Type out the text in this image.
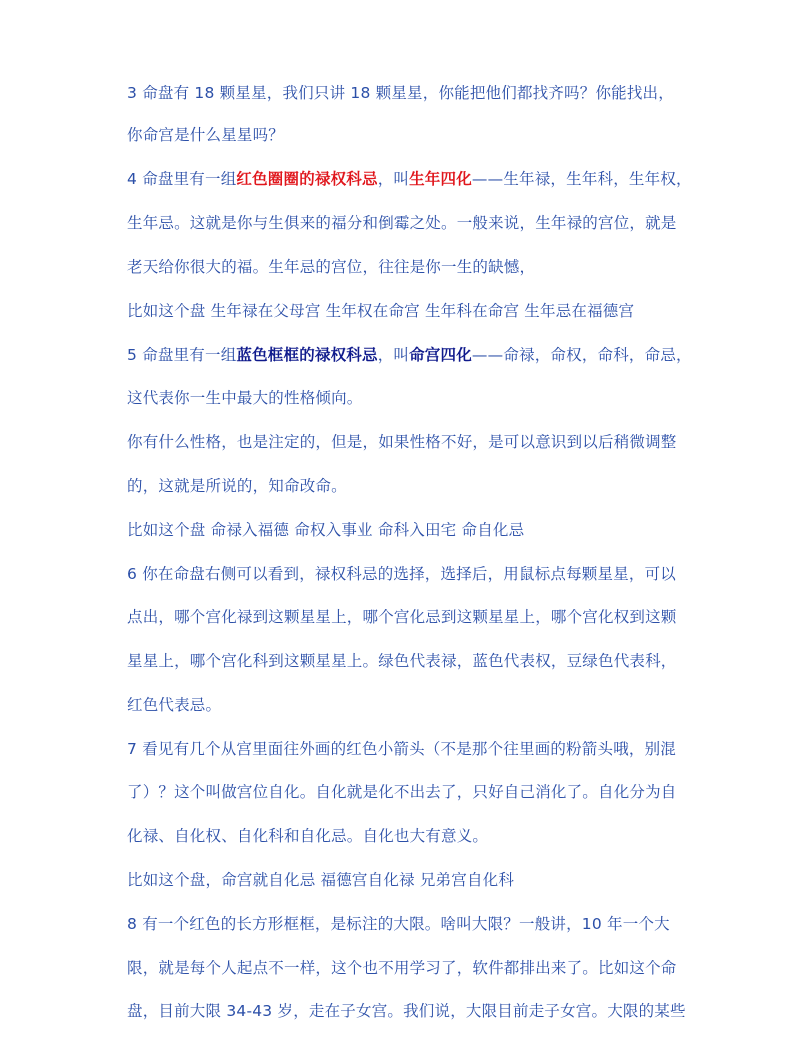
3 命盘有 18 颗星星，我们只讲 18 颗星星，你能把他们都找齐吗？你能找出，
你命宫是什么星星吗？
4 命盘里有一组红色圈圈的禄权科忌，叫生年四化——生年禄，生年科，生年权，
生年忌。这就是你与生俱来的福分和倒霉之处。一般来说，生年禄的宫位，就是
老天给你很大的福。生年忌的宫位，往往是你一生的缺憾，
比如这个盘 生年禄在父母宫 生年权在命宫 生年科在命宫 生年忌在福德宫
5 命盘里有一组蓝色框框的禄权科忌，叫命宫四化——命禄，命权，命科，命忌，
这代表你一生中最大的性格倾向。
你有什么性格，也是注定的，但是，如果性格不好，是可以意识到以后稍微调整
的，这就是所说的，知命改命。
比如这个盘 命禄入福德 命权入事业 命科入田宅 命自化忌
6 你在命盘右侧可以看到，禄权科忌的选择，选择后，用鼠标点每颗星星，可以
点出，哪个宫化禄到这颗星星上，哪个宫化忌到这颗星星上，哪个宫化权到这颗
星星上，哪个宫化科到这颗星星上。绿色代表禄，蓝色代表权，豆绿色代表科，
红色代表忌。
7 看见有几个从宫里面往外画的红色小箭头（不是那个往里画的粉箭头哦，别混
了）？这个叫做宫位自化。自化就是化不出去了，只好自己消化了。自化分为自
化禄、自化权、自化科和自化忌。自化也大有意义。
比如这个盘，命宫就自化忌 福德宫自化禄 兄弟宫自化科
8 有一个红色的长方形框框，是标注的大限。啥叫大限？一般讲，10 年一个大
限，就是每个人起点不一样，这个也不用学习了，软件都排出来了。比如这个命
盘，目前大限 34-43 岁，走在子女宫。我们说，大限目前走子女宫。大限的某些
